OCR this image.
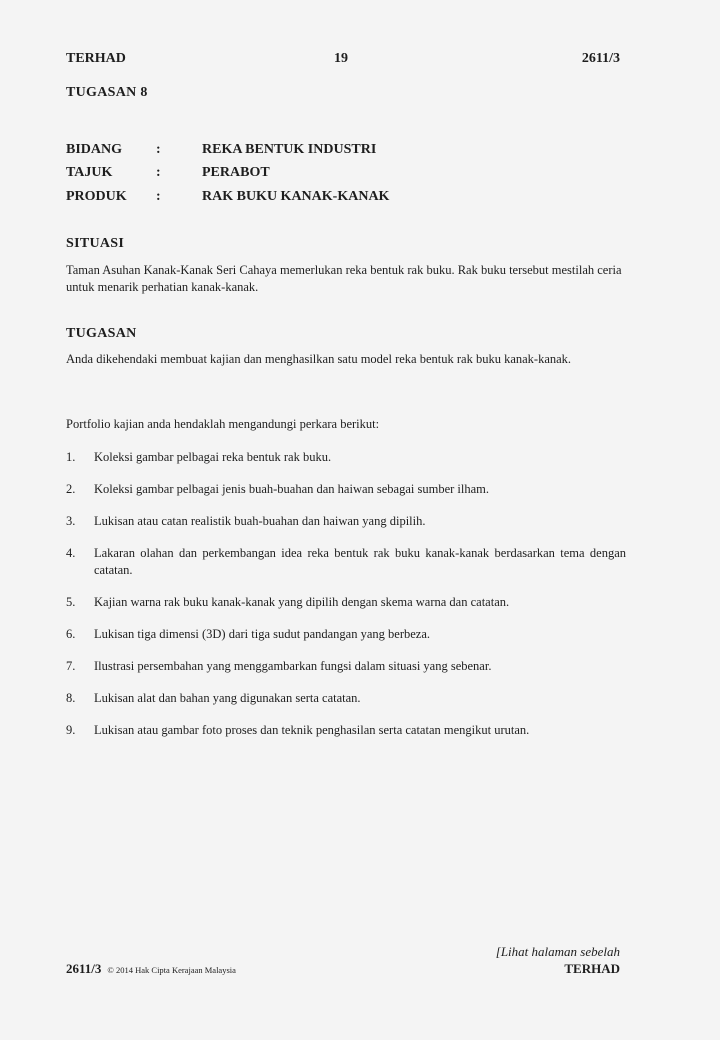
TERHAD	19	2611/3
TUGASAN 8
BIDANG :	REKA BENTUK INDUSTRI
TAJUK	:	PERABOT
PRODUK :	RAK BUKU KANAK-KANAK
SITUASI
Taman Asuhan Kanak-Kanak Seri Cahaya memerlukan reka bentuk rak buku. Rak buku tersebut mestilah ceria untuk menarik perhatian kanak-kanak.
TUGASAN
Anda dikehendaki membuat kajian dan menghasilkan satu model reka bentuk rak buku kanak-kanak.
Portfolio kajian anda hendaklah mengandungi perkara berikut:
1. Koleksi gambar pelbagai reka bentuk rak buku.
2. Koleksi gambar pelbagai jenis buah-buahan dan haiwan sebagai sumber ilham.
3. Lukisan atau catan realistik buah-buahan dan haiwan yang dipilih.
4. Lakaran olahan dan perkembangan idea reka bentuk rak buku kanak-kanak berdasarkan tema dengan catatan.
5. Kajian warna rak buku kanak-kanak yang dipilih dengan skema warna dan catatan.
6. Lukisan tiga dimensi (3D) dari tiga sudut pandangan yang berbeza.
7. Ilustrasi persembahan yang menggambarkan fungsi dalam situasi yang sebenar.
8. Lukisan alat dan bahan yang digunakan serta catatan.
9. Lukisan atau gambar foto proses dan teknik penghasilan serta catatan mengikut urutan.
[Lihat halaman sebelah
TERHAD
2611/3 © 2014 Hak Cipta Kerajaan Malaysia
